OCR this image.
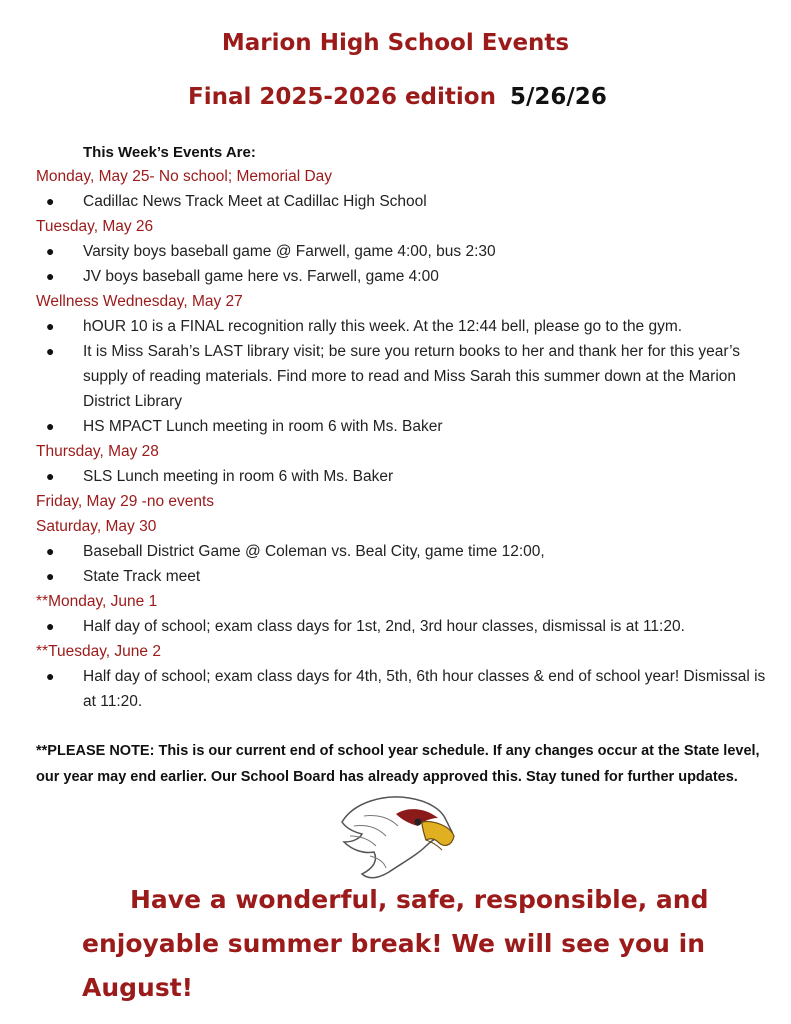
Marion High School Events
Final 2025-2026 edition 5/26/26
This Week’s Events Are:
Monday, May 25- No school; Memorial Day
● Cadillac News Track Meet at Cadillac High School
Tuesday, May 26
● Varsity boys baseball game @ Farwell, game 4:00, bus 2:30
● JV boys baseball game here vs. Farwell, game 4:00
Wellness Wednesday, May 27
● hOUR 10 is a FINAL recognition rally this week. At the 12:44 bell, please go to the gym.
● It is Miss Sarah’s LAST library visit; be sure you return books to her and thank her for this year’s supply of reading materials. Find more to read and Miss Sarah this summer down at the Marion District Library
● HS MPACT Lunch meeting in room 6 with Ms. Baker
Thursday, May 28
● SLS Lunch meeting in room 6 with Ms. Baker
Friday, May 29 -no events
Saturday, May 30
● Baseball District Game @ Coleman vs. Beal City, game time 12:00,
● State Track meet
**Monday, June 1
● Half day of school; exam class days for 1st, 2nd, 3rd hour classes, dismissal is at 11:20.
**Tuesday, June 2
● Half day of school; exam class days for 4th, 5th, 6th hour classes & end of school year! Dismissal is at 11:20.
**PLEASE NOTE: This is our current end of school year schedule. If any changes occur at the State level, our year may end earlier. Our School Board has already approved this. Stay tuned for further updates.
Have a wonderful, safe, responsible, and enjoyable summer break! We will see you in August!
